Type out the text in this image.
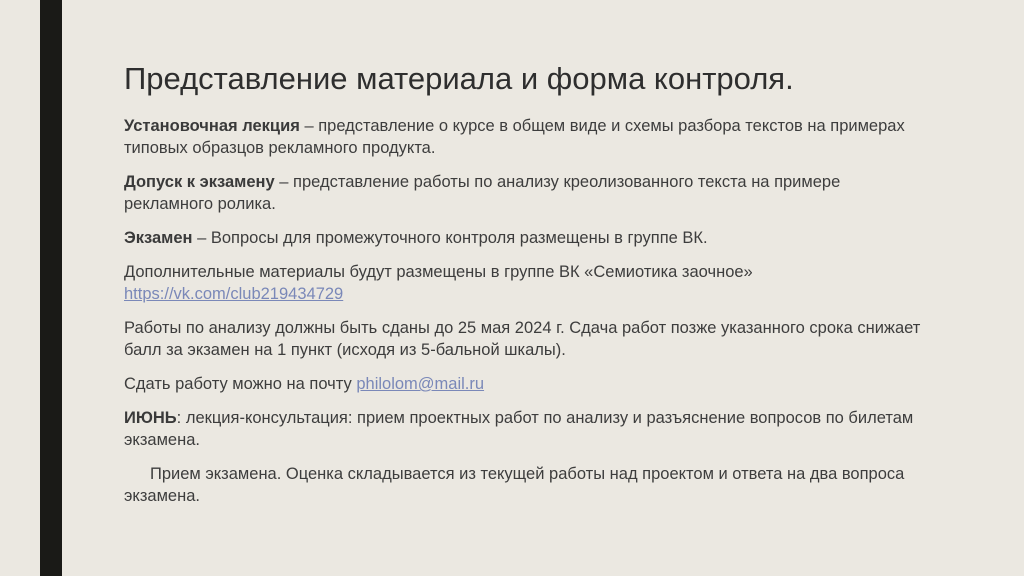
Представление материала и форма контроля.

Установочная лекция – представление о курсе в общем виде и схемы разбора текстов на примерах типовых образцов рекламного продукта.

Допуск к экзамену – представление работы по анализу креолизованного текста на примере рекламного ролика.

Экзамен – Вопросы для промежуточного контроля размещены в группе ВК.

Дополнительные материалы будут размещены в группе ВК «Семиотика заочное» https://vk.com/club219434729

Работы по анализу должны быть сданы до 25 мая 2024 г. Сдача работ позже указанного срока снижает балл за экзамен на 1 пункт (исходя из 5-бальной шкалы).

Сдать работу можно на почту philolom@mail.ru

ИЮНЬ: лекция-консультация: прием проектных работ по анализу и разъяснение вопросов по билетам экзамена.

Прием экзамена. Оценка складывается из текущей работы над проектом и ответа на два вопроса экзамена.
